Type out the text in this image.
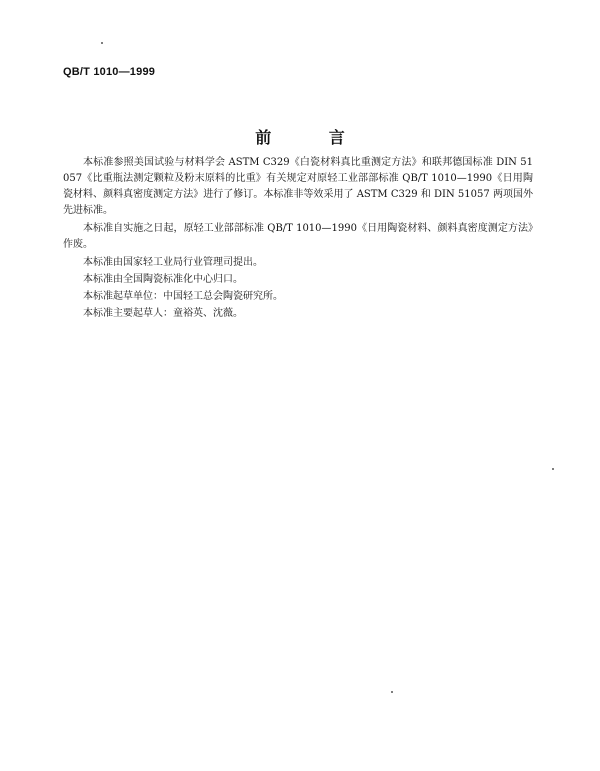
QB/T 1010—1999
前 言

本标准参照美国试验与材料学会 ASTM C329《白瓷材料真比重测定方法》和联邦德国标准 DIN 51057《比重瓶法测定颗粒及粉末原料的比重》有关规定对原轻工业部部标准 QB/T 1010—1990《日用陶瓷材料、颜料真密度测定方法》进行了修订。本标准非等效采用了 ASTM C329 和 DIN 51057 两项国外先进标准。

本标准自实施之日起，原轻工业部部标准 QB/T 1010—1990《日用陶瓷材料、颜料真密度测定方法》作废。

本标准由国家轻工业局行业管理司提出。

本标准由全国陶瓷标准化中心归口。

本标准起草单位：中国轻工总会陶瓷研究所。

本标准主要起草人：童裕英、沈薇。
